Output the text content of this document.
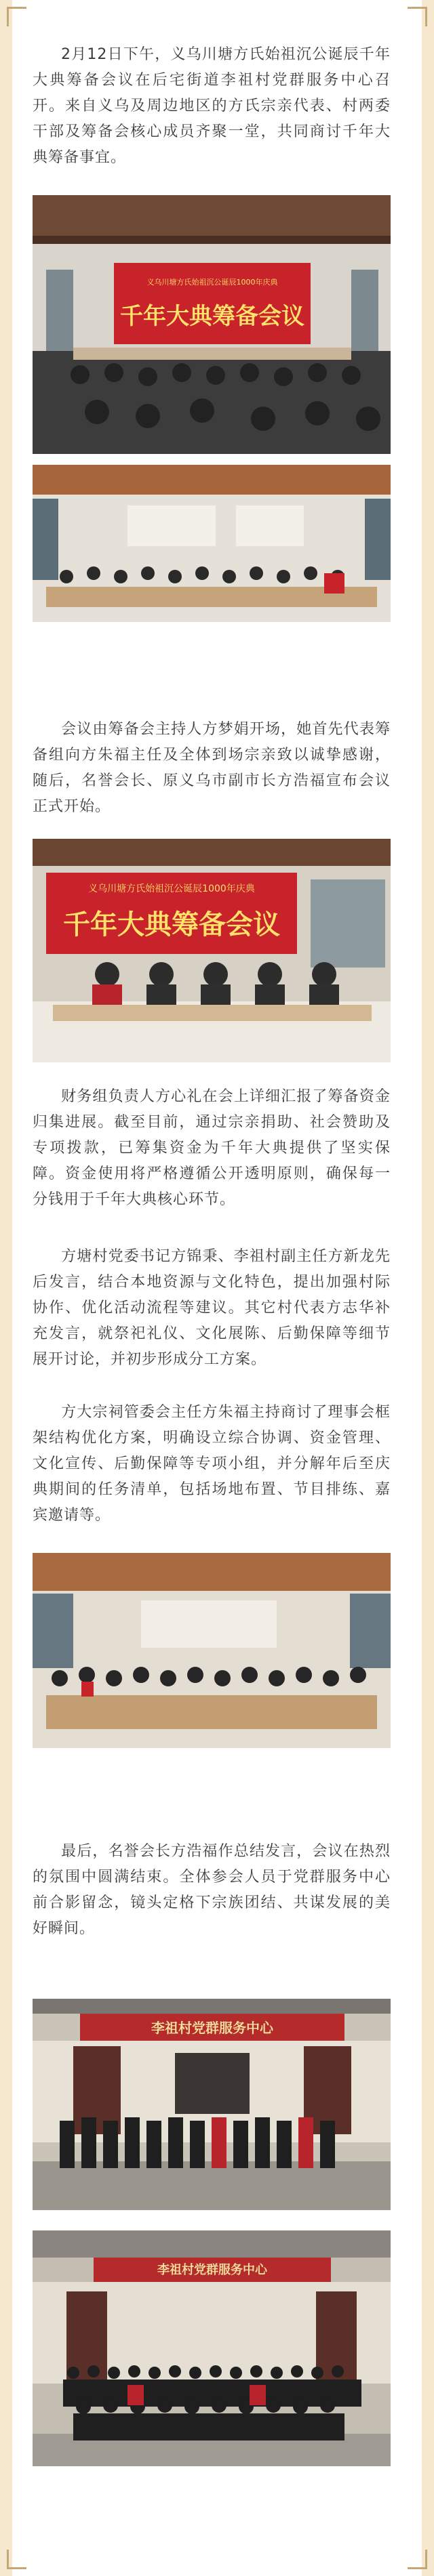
2月12日下午，义乌川塘方氏始祖沉公诞辰千年大典筹备会议在后宅街道李祖村党群服务中心召开。来自义乌及周边地区的方氏宗亲代表、村两委干部及筹备会核心成员齐聚一堂，共同商讨千年大典筹备事宜。

义乌川塘方氏始祖沉公诞辰1000年庆典
千年大典筹备会议

会议由筹备会主持人方梦娟开场，她首先代表筹备组向方朱福主任及全体到场宗亲致以诚挚感谢，随后，名誉会长、原义乌市副市长方浩福宣布会议正式开始。

义乌川塘方氏始祖沉公诞辰1000年庆典
千年大典筹备会议

财务组负责人方心礼在会上详细汇报了筹备资金归集进展。截至目前，通过宗亲捐助、社会赞助及专项拨款，已筹集资金为千年大典提供了坚实保障。资金使用将严格遵循公开透明原则，确保每一分钱用于千年大典核心环节。

方塘村党委书记方锦秉、李祖村副主任方新龙先后发言，结合本地资源与文化特色，提出加强村际协作、优化活动流程等建议。其它村代表方志华补充发言，就祭祀礼仪、文化展陈、后勤保障等细节展开讨论，并初步形成分工方案。

方大宗祠管委会主任方朱福主持商讨了理事会框架结构优化方案，明确设立综合协调、资金管理、文化宣传、后勤保障等专项小组，并分解年后至庆典期间的任务清单，包括场地布置、节目排练、嘉宾邀请等。

最后，名誉会长方浩福作总结发言，会议在热烈的氛围中圆满结束。全体参会人员于党群服务中心前合影留念，镜头定格下宗族团结、共谋发展的美好瞬间。

李祖村党群服务中心
李祖村党群服务中心
